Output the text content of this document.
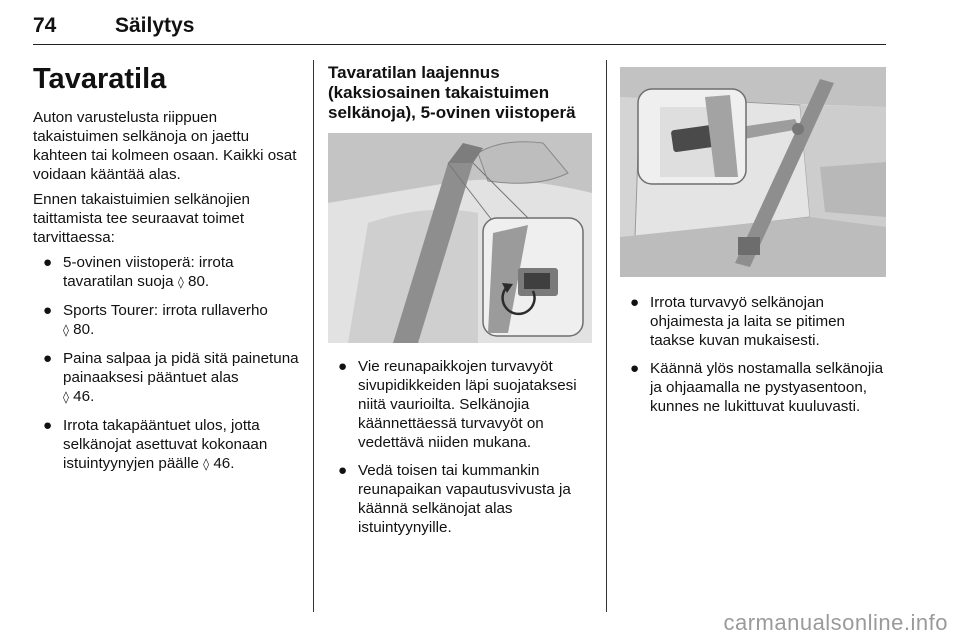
74	Säilytys
Tavaratila

Auton varustelusta riippuen takaistuimen selkänoja on jaettu kahteen tai kolmeen osaan. Kaikki osat voidaan kääntää alas.

Ennen takaistuimien selkänojien taittamista tee seuraavat toimet tarvittaessa:

● 5-ovinen viistoperä: irrota tavaratilan suoja ◊ 80.
● Sports Tourer: irrota rullaverho
◊ 80.
● Paina salpaa ja pidä sitä painetuna painaaksesi pääntuet alas
◊ 46.
● Irrota takapääntuet ulos, jotta selkänojat asettuvat kokonaan istuintyynyjen päälle ◊ 46.
Tavaratilan laajennus (kaksiosainen takaistuimen selkänoja), 5-ovinen viistoperä
● Vie reunapaikkojen turvavyöt sivupidikkeiden läpi suojataksesi niitä vaurioilta. Selkänojia käännettäessä turvavyöt on vedettävä niiden mukana.
● Vedä toisen tai kummankin reunapaikan vapautusvivusta ja käännä selkänojat alas istuintyynyille.
● Irrota turvavyö selkänojan ohjaimesta ja laita se pitimen taakse kuvan mukaisesti.
● Käännä ylös nostamalla selkänojia ja ohjaamalla ne pystyasentoon, kunnes ne lukittuvat kuuluvasti.
carmanualsonline.info
